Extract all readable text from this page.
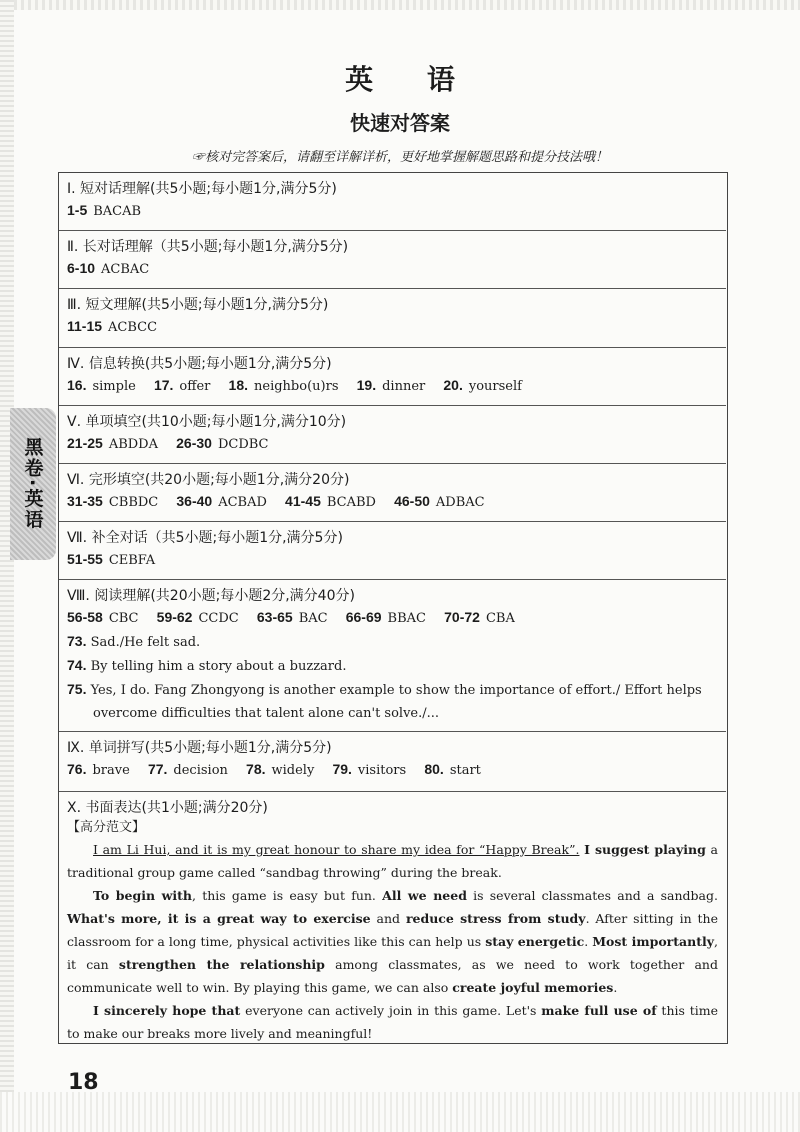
黑卷·英语
英 语
快速对答案
☞核对完答案后，请翻至详解详析，更好地掌握解题思路和提分技法哦！
Ⅰ. 短对话理解(共5小题;每小题1分,满分5分)
1-5 BACAB
Ⅱ. 长对话理解（共5小题;每小题1分,满分5分)
6-10 ACBAC
Ⅲ. 短文理解(共5小题;每小题1分,满分5分)
11-15 ACBCC
Ⅳ. 信息转换(共5小题;每小题1分,满分5分)
16. simple 17. offer 18. neighbo(u)rs 19. dinner 20. yourself
Ⅴ. 单项填空(共10小题;每小题1分,满分10分)
21-25 ABDDA 26-30 DCDBC
Ⅵ. 完形填空(共20小题;每小题1分,满分20分)
31-35 CBBDC 36-40 ACBAD 41-45 BCABD 46-50 ADBAC
Ⅶ. 补全对话（共5小题;每小题1分,满分5分)
51-55 CEBFA
Ⅷ. 阅读理解(共20小题;每小题2分,满分40分)
56-58 CBC 59-62 CCDC 63-65 BAC 66-69 BBAC 70-72 CBA
73. Sad./He felt sad.
74. By telling him a story about a buzzard.
75. Yes, I do. Fang Zhongyong is another example to show the importance of effort./ Effort helps overcome difficulties that talent alone can't solve./...
Ⅸ. 单词拼写(共5小题;每小题1分,满分5分)
76. brave 77. decision 78. widely 79. visitors 80. start
Ⅹ. 书面表达(共1小题;满分20分)
【高分范文】
I am Li Hui, and it is my great honour to share my idea for “Happy Break”. I suggest playing a traditional group game called “sandbag throwing” during the break.
To begin with, this game is easy but fun. All we need is several classmates and a sandbag. What's more, it is a great way to exercise and reduce stress from study. After sitting in the classroom for a long time, physical activities like this can help us stay energetic. Most importantly, it can strengthen the relationship among classmates, as we need to work together and communicate well to win. By playing this game, we can also create joyful memories.
I sincerely hope that everyone can actively join in this game. Let's make full use of this time to make our breaks more lively and meaningful!
18
